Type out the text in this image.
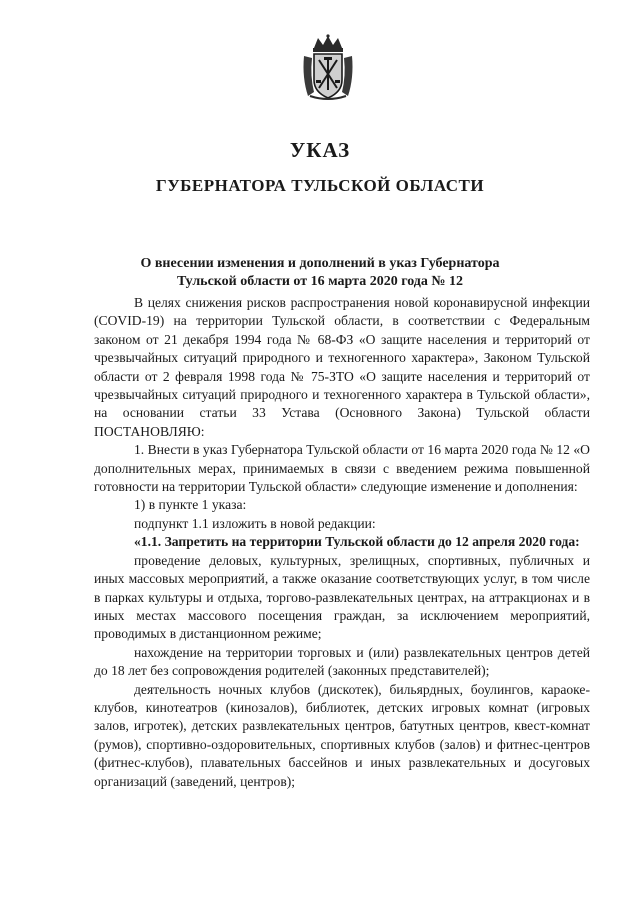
УКАЗ
ГУБЕРНАТОРА ТУЛЬСКОЙ ОБЛАСТИ
О внесении изменения и дополнений в указ Губернатора
Тульской области от 16 марта 2020 года № 12

В целях снижения рисков распространения новой коронавирусной инфекции (COVID-19) на территории Тульской области, в соответствии с Федеральным законом от 21 декабря 1994 года № 68-ФЗ «О защите населения и территорий от чрезвычайных ситуаций природного и техногенного характера», Законом Тульской области от 2 февраля 1998 года № 75-ЗТО «О защите населения и территорий от чрезвычайных ситуаций природного и техногенного характера в Тульской области», на основании статьи 33 Устава (Основного Закона) Тульской области ПОСТАНОВЛЯЮ:

1. Внести в указ Губернатора Тульской области от 16 марта 2020 года № 12 «О дополнительных мерах, принимаемых в связи с введением режима повышенной готовности на территории Тульской области» следующие изменение и дополнения:

1) в пункте 1 указа:

подпункт 1.1 изложить в новой редакции:

«1.1. Запретить на территории Тульской области до 12 апреля 2020 года:

проведение деловых, культурных, зрелищных, спортивных, публичных и иных массовых мероприятий, а также оказание соответствующих услуг, в том числе в парках культуры и отдыха, торгово-развлекательных центрах, на аттракционах и в иных местах массового посещения граждан, за исключением мероприятий, проводимых в дистанционном режиме;

нахождение на территории торговых и (или) развлекательных центров детей до 18 лет без сопровождения родителей (законных представителей);

деятельность ночных клубов (дискотек), бильярдных, боулингов, караоке-клубов, кинотеатров (кинозалов), библиотек, детских игровых комнат (игровых залов, игротек), детских развлекательных центров, батутных центров, квест-комнат (румов), спортивно-оздоровительных, спортивных клубов (залов) и фитнес-центров (фитнес-клубов), плавательных бассейнов и иных развлекательных и досуговых организаций (заведений, центров);
